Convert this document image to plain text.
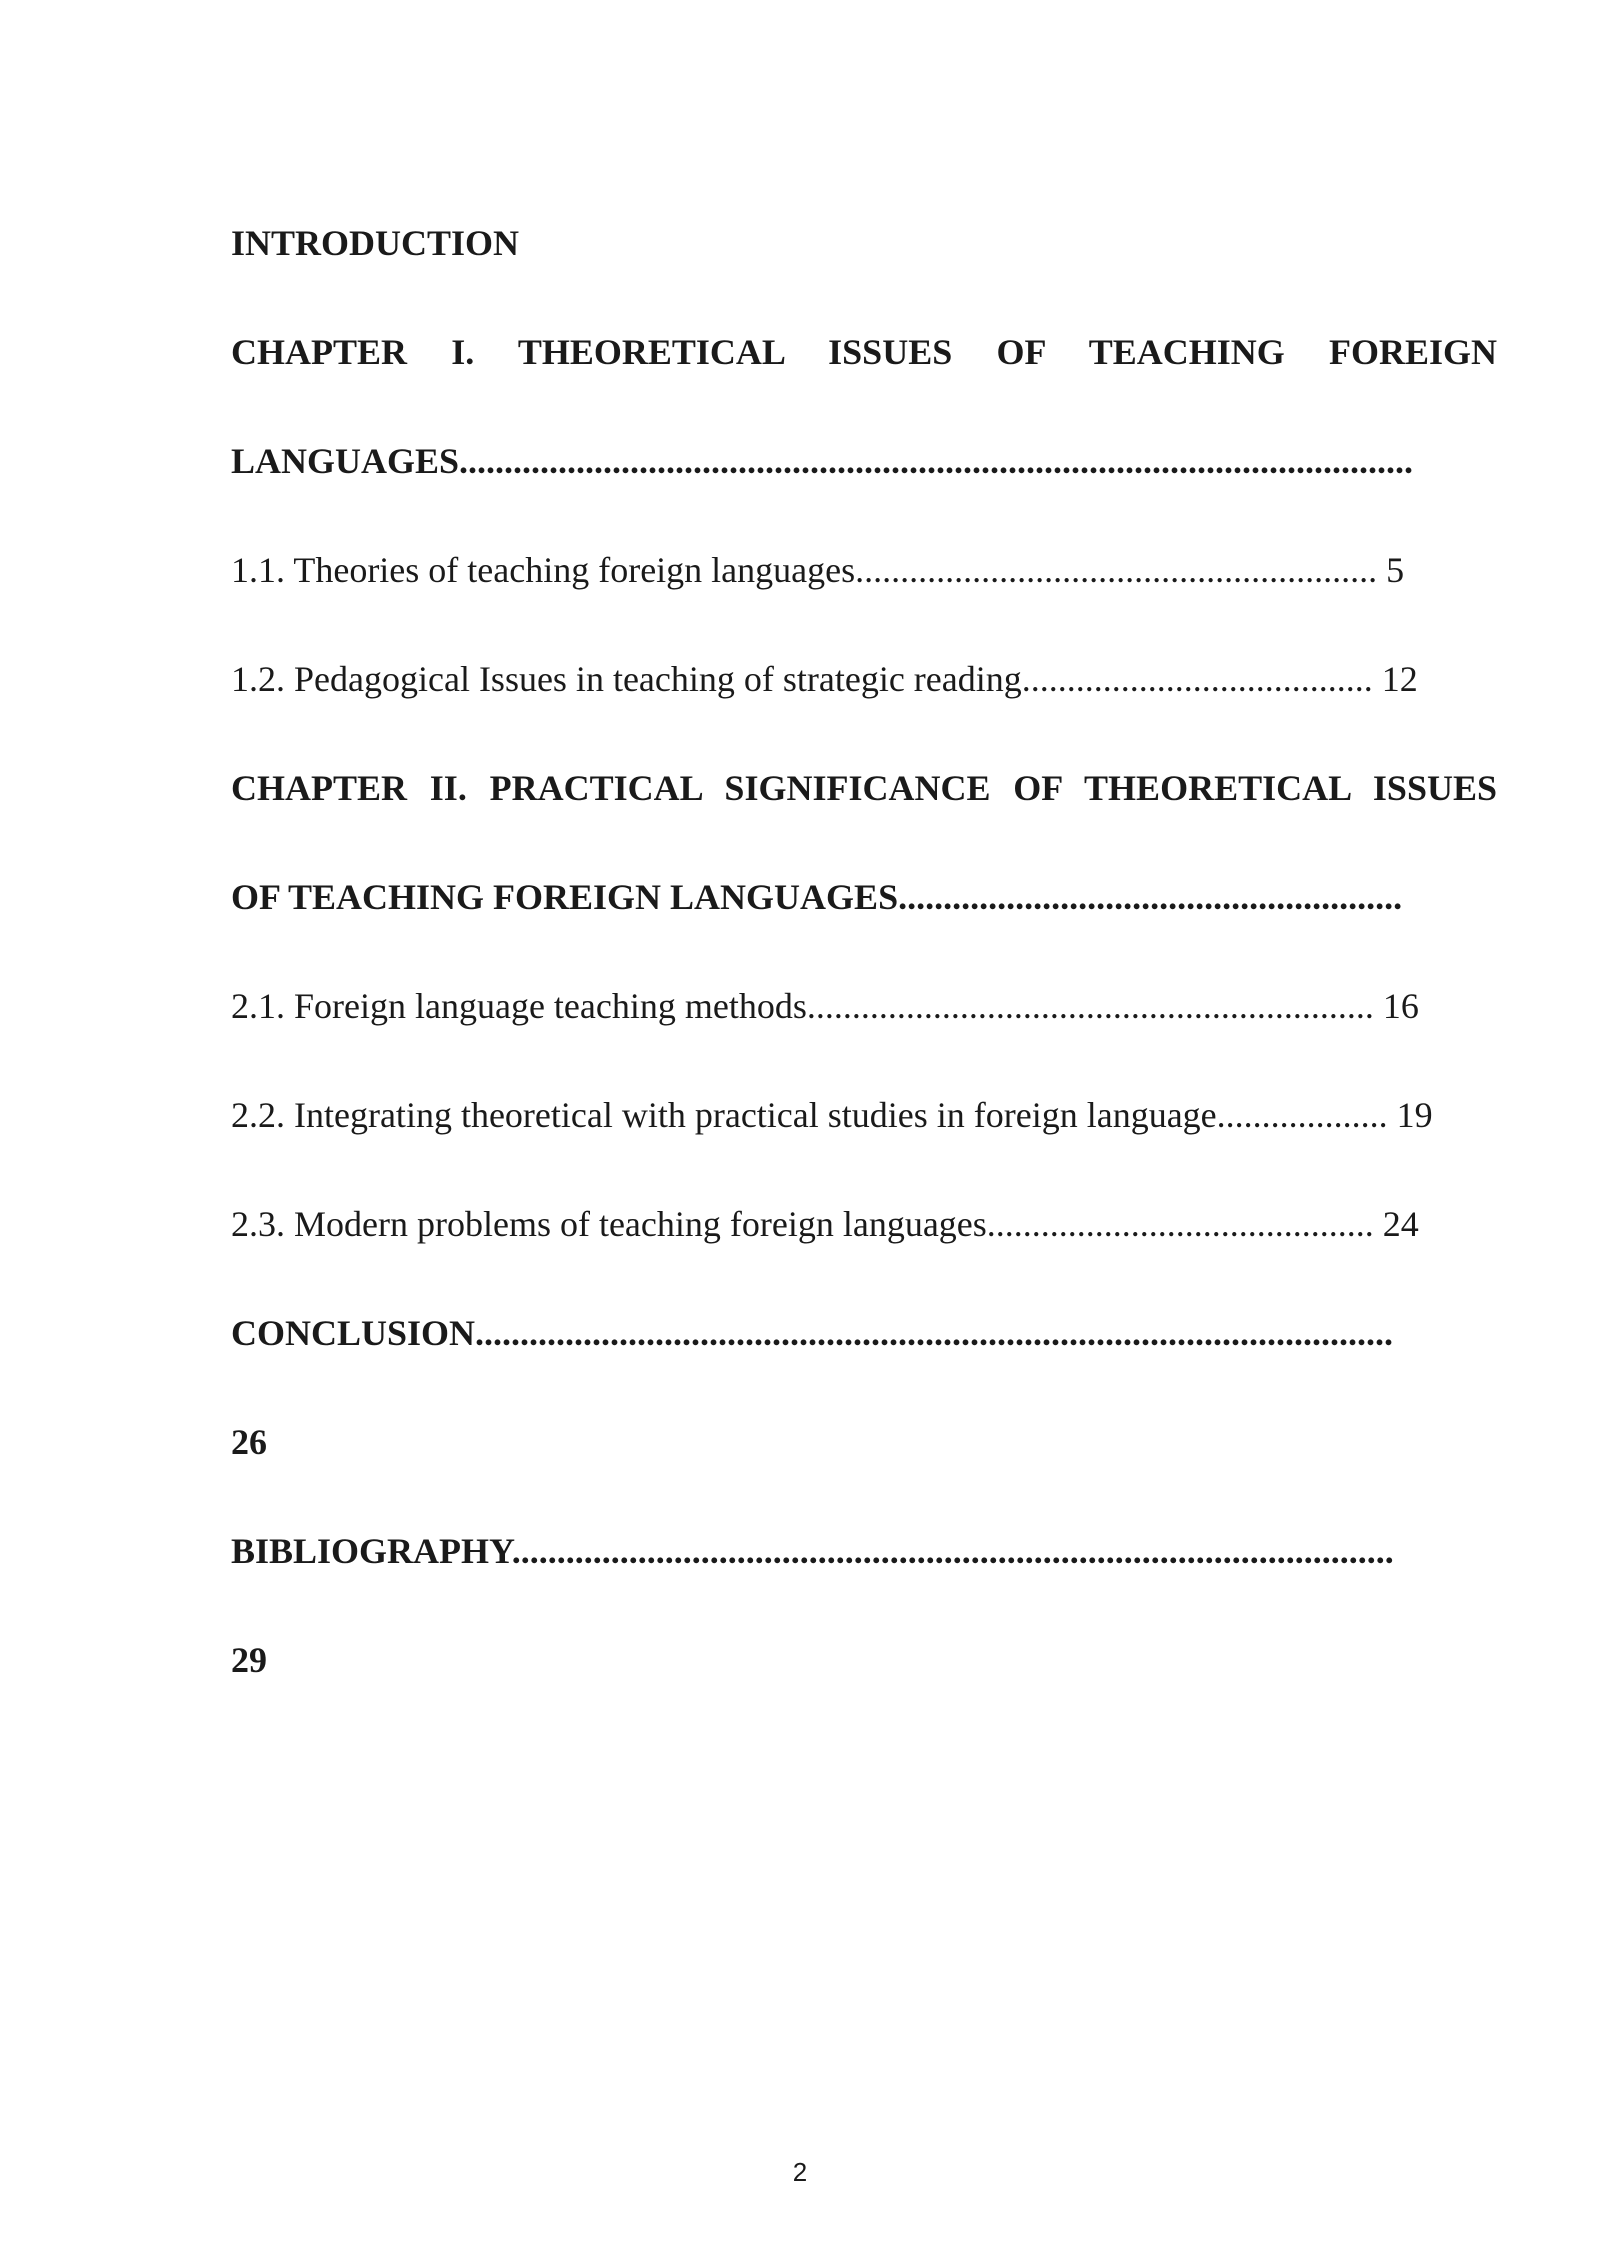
INTRODUCTION
CHAPTER I. THEORETICAL ISSUES OF TEACHING FOREIGN
LANGUAGES..........................................................................................................
1.1. Theories of teaching foreign languages.......................................................... 5
1.2. Pedagogical Issues in teaching of strategic reading....................................... 12
CHAPTER II. PRACTICAL SIGNIFICANCE OF THEORETICAL ISSUES
OF TEACHING FOREIGN LANGUAGES........................................................
2.1. Foreign language teaching methods............................................................... 16
2.2. Integrating theoretical with practical studies in foreign language................... 19
2.3. Modern problems of teaching foreign languages........................................... 24
CONCLUSION......................................................................................................
26
BIBLIOGRAPHY..................................................................................................
29
2
